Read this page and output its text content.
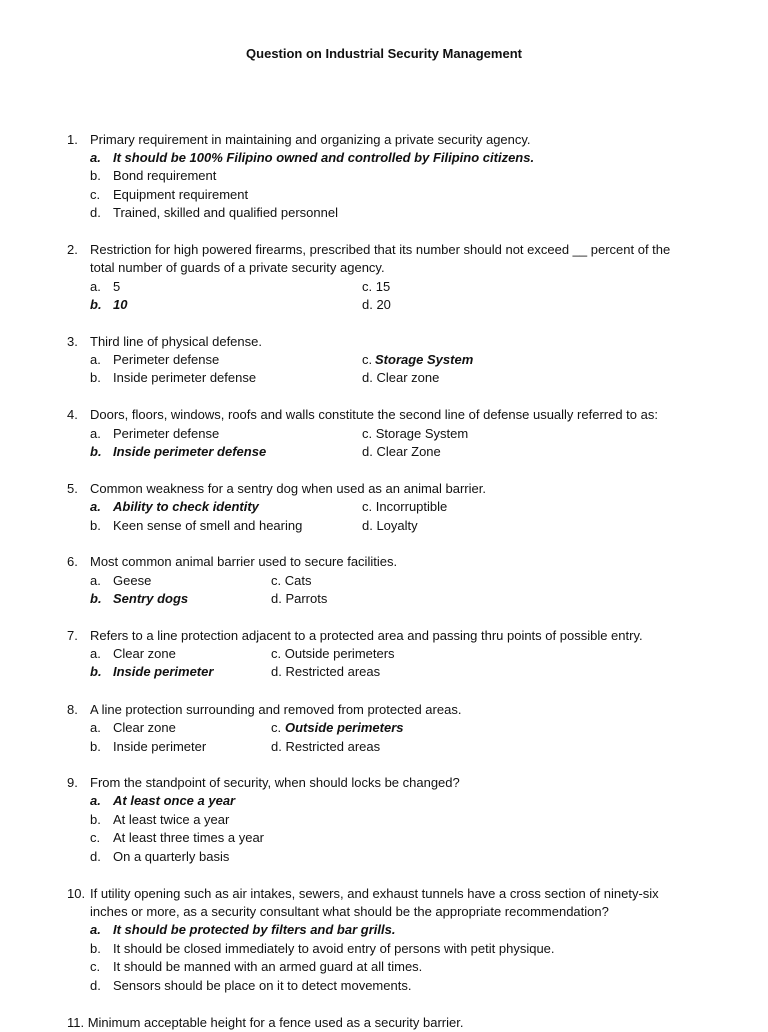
Question on Industrial Security Management
1. Primary requirement in maintaining and organizing a private security agency.
a. It should be 100% Filipino owned and controlled by Filipino citizens.
b. Bond requirement
c. Equipment requirement
d. Trained, skilled and qualified personnel
2. Restriction for high powered firearms, prescribed that its number should not exceed __ percent of the
total number of guards of a private security agency.
a. 5
b. 10
c. 15
d. 20
3. Third line of physical defense.
a. Perimeter defense
b. Inside perimeter defense
c. Storage System
d. Clear zone
4. Doors, floors, windows, roofs and walls constitute the second line of defense usually referred to as:
a. Perimeter defense
b. Inside perimeter defense
c. Storage System
d. Clear Zone
5. Common weakness for a sentry dog when used as an animal barrier.
a. Ability to check identity
b. Keen sense of smell and hearing
c. Incorruptible
d. Loyalty
6. Most common animal barrier used to secure facilities.
a. Geese
b. Sentry dogs
c. Cats
d. Parrots
7. Refers to a line protection adjacent to a protected area and passing thru points of possible entry.
a. Clear zone
b. Inside perimeter
c. Outside perimeters
d. Restricted areas
8. A line protection surrounding and removed from protected areas.
a. Clear zone
b. Inside perimeter
c. Outside perimeters
d. Restricted areas
9. From the standpoint of security, when should locks be changed?
a. At least once a year
b. At least twice a year
c. At least three times a year
d. On a quarterly basis
10. If utility opening such as air intakes, sewers, and exhaust tunnels have a cross section of ninety-six
inches or more, as a security consultant what should be the appropriate recommendation?
a. It should be protected by filters and bar grills.
b. It should be closed immediately to avoid entry of persons with petit physique.
c. It should be manned with an armed guard at all times.
d. Sensors should be place on it to detect movements.
11. Minimum acceptable height for a fence used as a security barrier.
